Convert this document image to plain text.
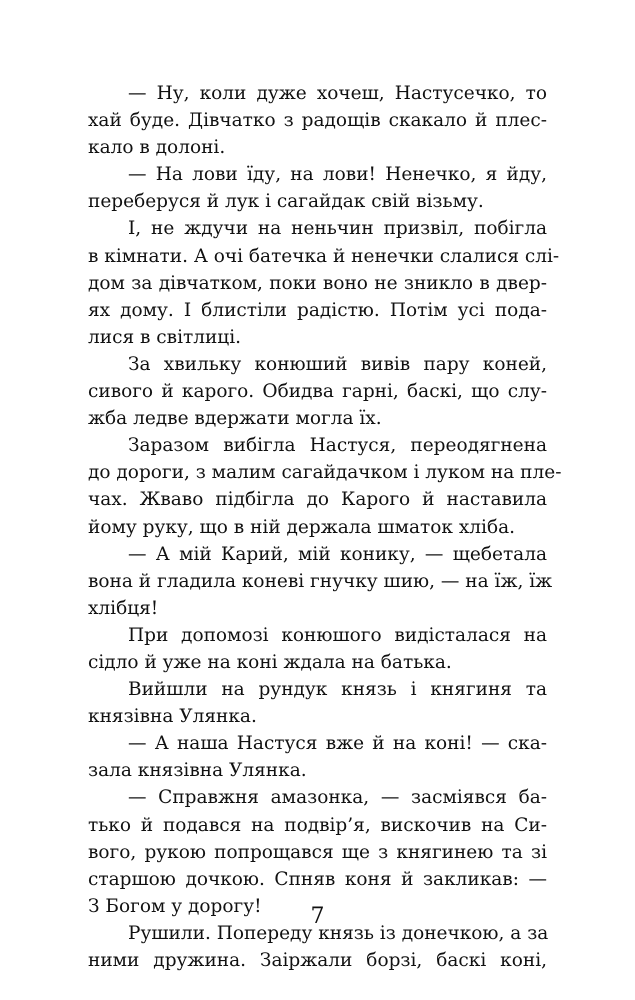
— Ну, коли дуже хочеш, Настусечко, то
хай буде. Дівчатко з радощів скакало й плес-
кало в долоні.
— На лови їду, на лови! Ненечко, я йду,
переберуся й лук і сагайдак свій візьму.
І, не ждучи на неньчин призвіл, побігла
в кімнати. А очі батечка й ненечки слалися слі-
дом за дівчатком, поки воно не зникло в двер-
ях дому. І блистіли радістю. Потім усі пода-
лися в світлиці.
За хвильку конюший вивів пару коней,
сивого й карого. Обидва гарні, баскі, що слу-
жба ледве вдержати могла їх.
Заразом вибігла Настуся, переодягнена
до дороги, з малим сагайдачком і луком на пле-
чах. Жваво підбігла до Карого й наставила
йому руку, що в ній держала шматок хліба.
— А мій Карий, мій конику, — щебетала
вона й гладила коневі гнучку шию, — на їж, їж
хлібця!
При допомозі конюшого видісталася на
сідло й уже на коні ждала на батька.
Вийшли на рундук князь і княгиня та
князівна Улянка.
— А наша Настуся вже й на коні! — ска-
зала князівна Улянка.
— Справжня амазонка, — засміявся ба-
тько й подався на подвір’я, вискочив на Си-
вого, рукою попрощався ще з княгинею та зі
старшою дочкою. Спняв коня й закликав: —
З Богом у дорогу!
Рушили. Попереду князь із донечкою, а за
ними дружина. Заіржали борзі, баскі коні,
7
